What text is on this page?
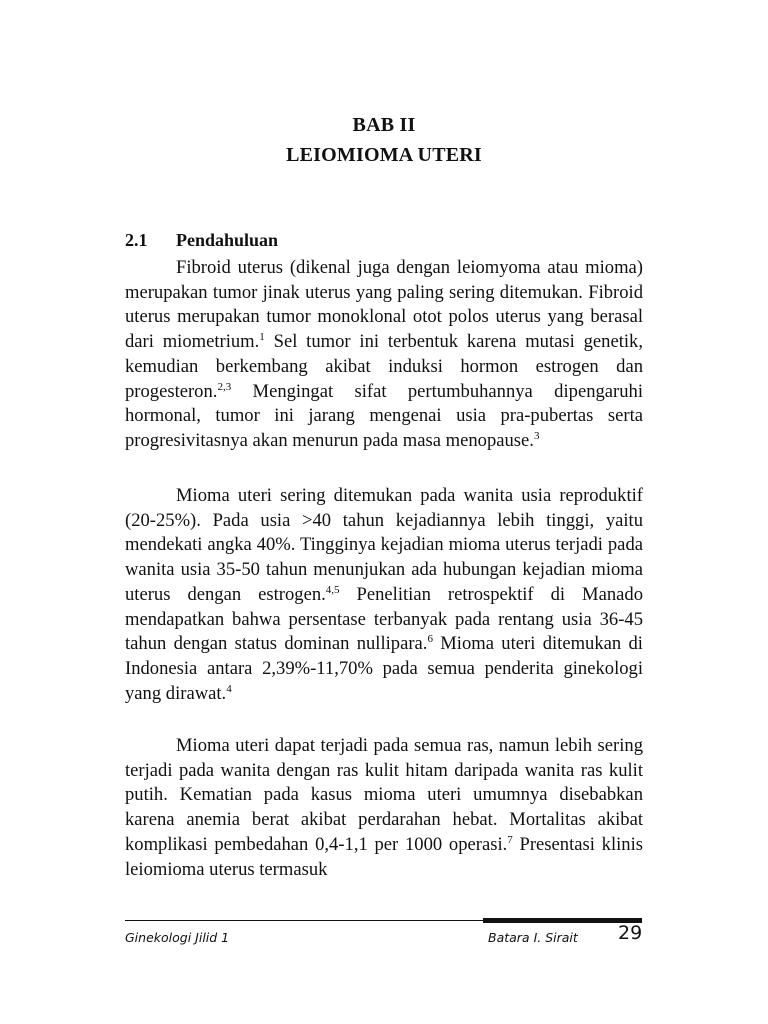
BAB II
LEIOMIOMA UTERI
2.1 Pendahuluan

Fibroid uterus (dikenal juga dengan leiomyoma atau mioma) merupakan tumor jinak uterus yang paling sering ditemukan. Fibroid uterus merupakan tumor monoklonal otot polos uterus yang berasal dari miometrium.$^1$ Sel tumor ini terbentuk karena mutasi genetik, kemudian berkembang akibat induksi hormon estrogen dan progesteron.$^{2,3}$ Mengingat sifat pertumbuhannya dipengaruhi hormonal, tumor ini jarang mengenai usia pra-pubertas serta progresivitasnya akan menurun pada masa menopause.$^3$

Mioma uteri sering ditemukan pada wanita usia reproduktif (20-25%). Pada usia >40 tahun kejadiannya lebih tinggi, yaitu mendekati angka 40%. Tingginya kejadian mioma uterus terjadi pada wanita usia 35-50 tahun menunjukan ada hubungan kejadian mioma uterus dengan estrogen.$^{4,5}$ Penelitian retrospektif di Manado mendapatkan bahwa persentase terbanyak pada rentang usia 36-45 tahun dengan status dominan nullipara.$^6$ Mioma uteri ditemukan di Indonesia antara 2,39%-11,70% pada semua penderita ginekologi yang dirawat.$^4$

Mioma uteri dapat terjadi pada semua ras, namun lebih sering terjadi pada wanita dengan ras kulit hitam daripada wanita ras kulit putih. Kematian pada kasus mioma uteri umumnya disebabkan karena anemia berat akibat perdarahan hebat. Mortalitas akibat komplikasi pembedahan 0,4-1,1 per 1000 operasi.$^7$ Presentasi klinis leiomioma uterus termasuk

Ginekologi Jilid 1	Batara I. Sirait 29
